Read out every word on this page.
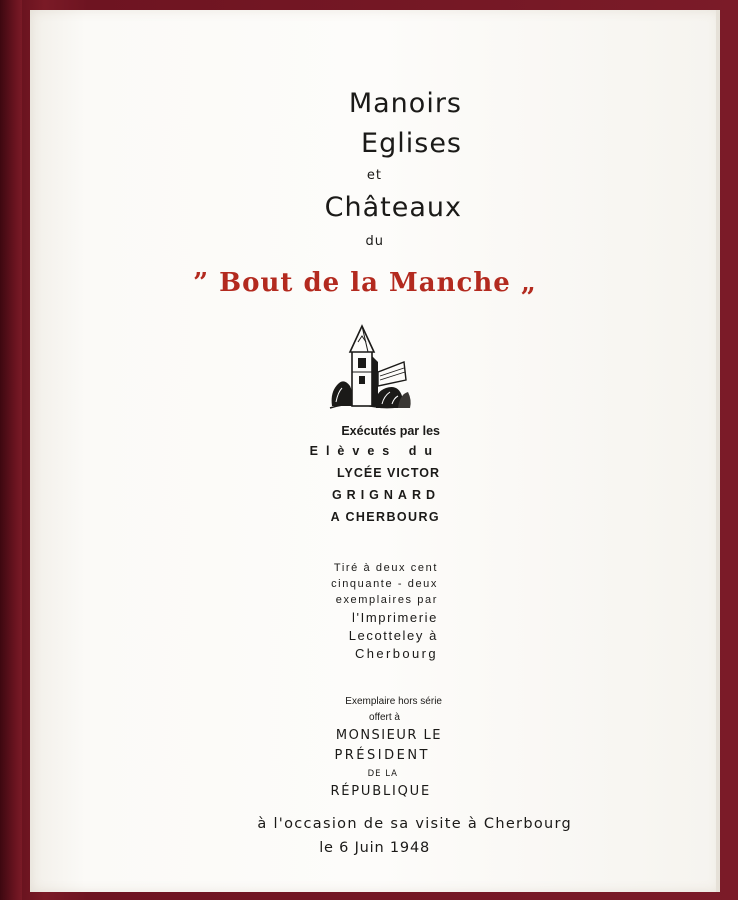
Manoirs
Eglises
et
Châteaux
du
” Bout de la Manche „
Exécutés par les
Elèves du
LYCÉE VICTOR
GRIGNARD
A CHERBOURG
Tiré à deux cent
cinquante - deux
exemplaires par
l'Imprimerie
Lecotteley à
Cherbourg
Exemplaire hors série
offert à
MONSIEUR LE
PRÉSIDENT
DE LA
RÉPUBLIQUE
à l'occasion de sa visite à Cherbourg
le 6 Juin 1948
